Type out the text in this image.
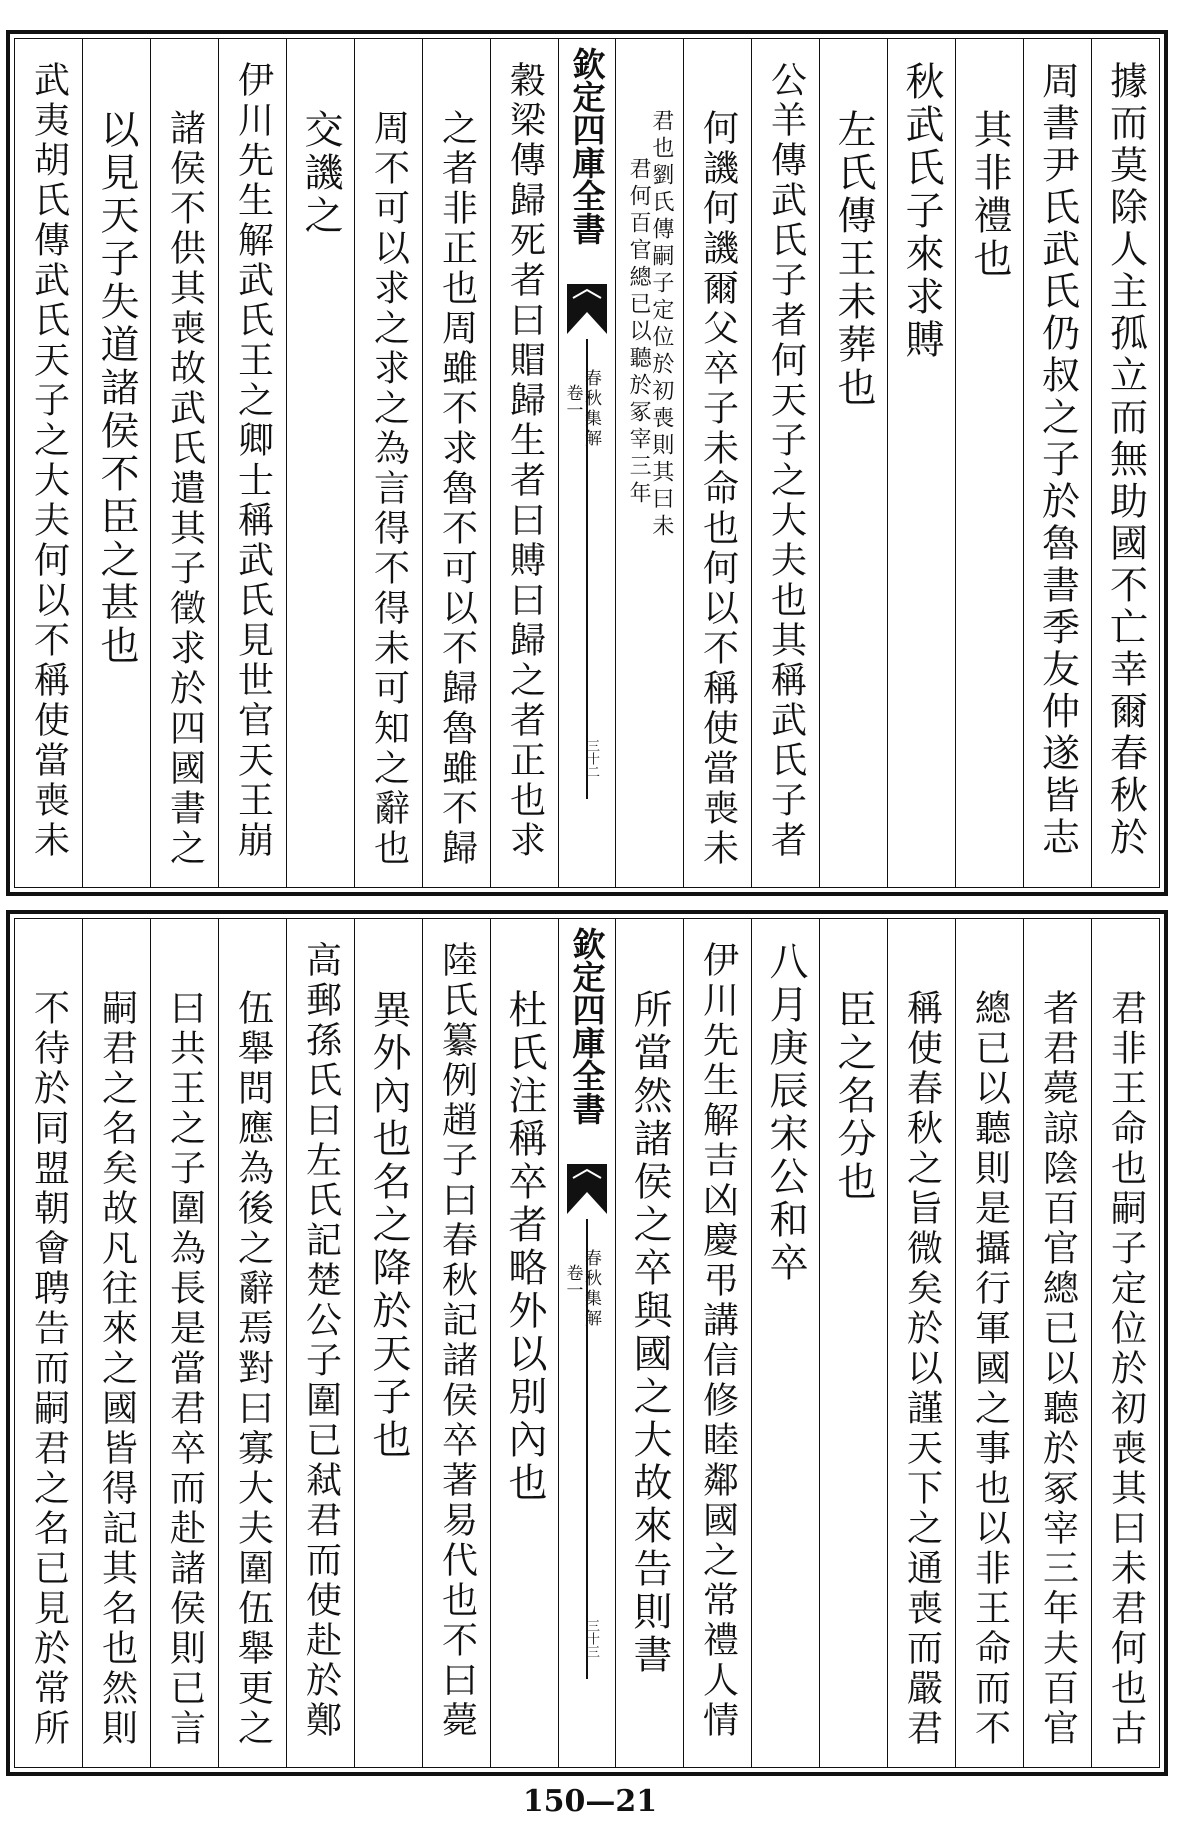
據而莫除人主孤立而無助國不亡幸爾春秋於
周書尹氏武氏仍叔之子於魯書季友仲遂皆志
其非禮也
秋武氏子來求賻
左氏傳王未葬也
公羊傳武氏子者何天子之大夫也其稱武氏子者
何譏何譏爾父卒子未命也何以不稱使當喪未
君也劉氏傳嗣子定位於初喪則其曰未
君何百官總已以聽於冢宰三年
欽定四庫全書
春秋集解
卷一
三十二
穀梁傳歸死者曰賵歸生者曰賻曰歸之者正也求
之者非正也周雖不求魯不可以不歸魯雖不歸
周不可以求之求之為言得不得未可知之辭也
交譏之
伊川先生解武氏王之卿士稱武氏見世官天王崩
諸侯不供其喪故武氏遣其子徵求於四國書之
以見天子失道諸侯不臣之甚也
武夷胡氏傳武氏天子之大夫何以不稱使當喪未
君非王命也嗣子定位於初喪其曰未君何也古
者君薨諒陰百官總已以聽於冢宰三年夫百官
總已以聽則是攝行軍國之事也以非王命而不
稱使春秋之旨微矣於以謹天下之通喪而嚴君
臣之名分也
八月庚辰宋公和卒
伊川先生解吉凶慶弔講信修睦鄰國之常禮人情
所當然諸侯之卒與國之大故來告則書
欽定四庫全書
春秋集解
卷一
三十三
杜氏注稱卒者略外以別內也
陸氏纂例趙子曰春秋記諸侯卒著易代也不曰薨
異外內也名之降於天子也
高郵孫氏曰左氏記楚公子圍已弒君而使赴於鄭
伍舉問應為後之辭焉對曰寡大夫圍伍舉更之
曰共王之子圍為長是當君卒而赴諸侯則已言
嗣君之名矣故凡往來之國皆得記其名也然則
不待於同盟朝會聘告而嗣君之名已見於常所
150—21
